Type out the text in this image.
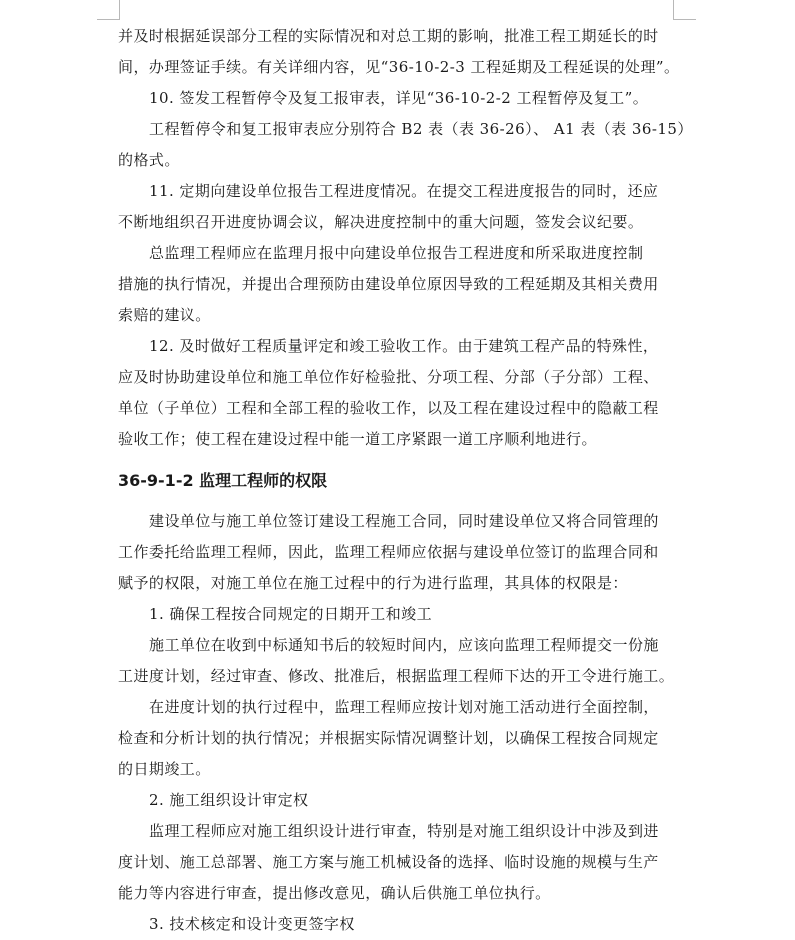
并及时根据延误部分工程的实际情况和对总工期的影响，批准工程工期延长的时
间，办理签证手续。有关详细内容，见“36-10-2-3 工程延期及工程延误的处理”。
10. 签发工程暂停令及复工报审表，详见“36-10-2-2 工程暂停及复工”。
工程暂停令和复工报审表应分别符合 B2 表（表 36-26）、 A1 表（表 36-15）
的格式。
11. 定期向建设单位报告工程进度情况。在提交工程进度报告的同时，还应
不断地组织召开进度协调会议，解决进度控制中的重大问题，签发会议纪要。
总监理工程师应在监理月报中向建设单位报告工程进度和所采取进度控制
措施的执行情况，并提出合理预防由建设单位原因导致的工程延期及其相关费用
索赔的建议。
12. 及时做好工程质量评定和竣工验收工作。由于建筑工程产品的特殊性，
应及时协助建设单位和施工单位作好检验批、分项工程、分部（子分部）工程、
单位（子单位）工程和全部工程的验收工作，以及工程在建设过程中的隐蔽工程
验收工作；使工程在建设过程中能一道工序紧跟一道工序顺利地进行。
36-9-1-2 监理工程师的权限
建设单位与施工单位签订建设工程施工合同，同时建设单位又将合同管理的
工作委托给监理工程师，因此，监理工程师应依据与建设单位签订的监理合同和
赋予的权限，对施工单位在施工过程中的行为进行监理，其具体的权限是：
1. 确保工程按合同规定的日期开工和竣工
施工单位在收到中标通知书后的较短时间内，应该向监理工程师提交一份施
工进度计划，经过审查、修改、批准后，根据监理工程师下达的开工令进行施工。
在进度计划的执行过程中，监理工程师应按计划对施工活动进行全面控制，
检查和分析计划的执行情况；并根据实际情况调整计划，以确保工程按合同规定
的日期竣工。
2. 施工组织设计审定权
监理工程师应对施工组织设计进行审查，特别是对施工组织设计中涉及到进
度计划、施工总部署、施工方案与施工机械设备的选择、临时设施的规模与生产
能力等内容进行审查，提出修改意见，确认后供施工单位执行。
3. 技术核定和设计变更签字权
